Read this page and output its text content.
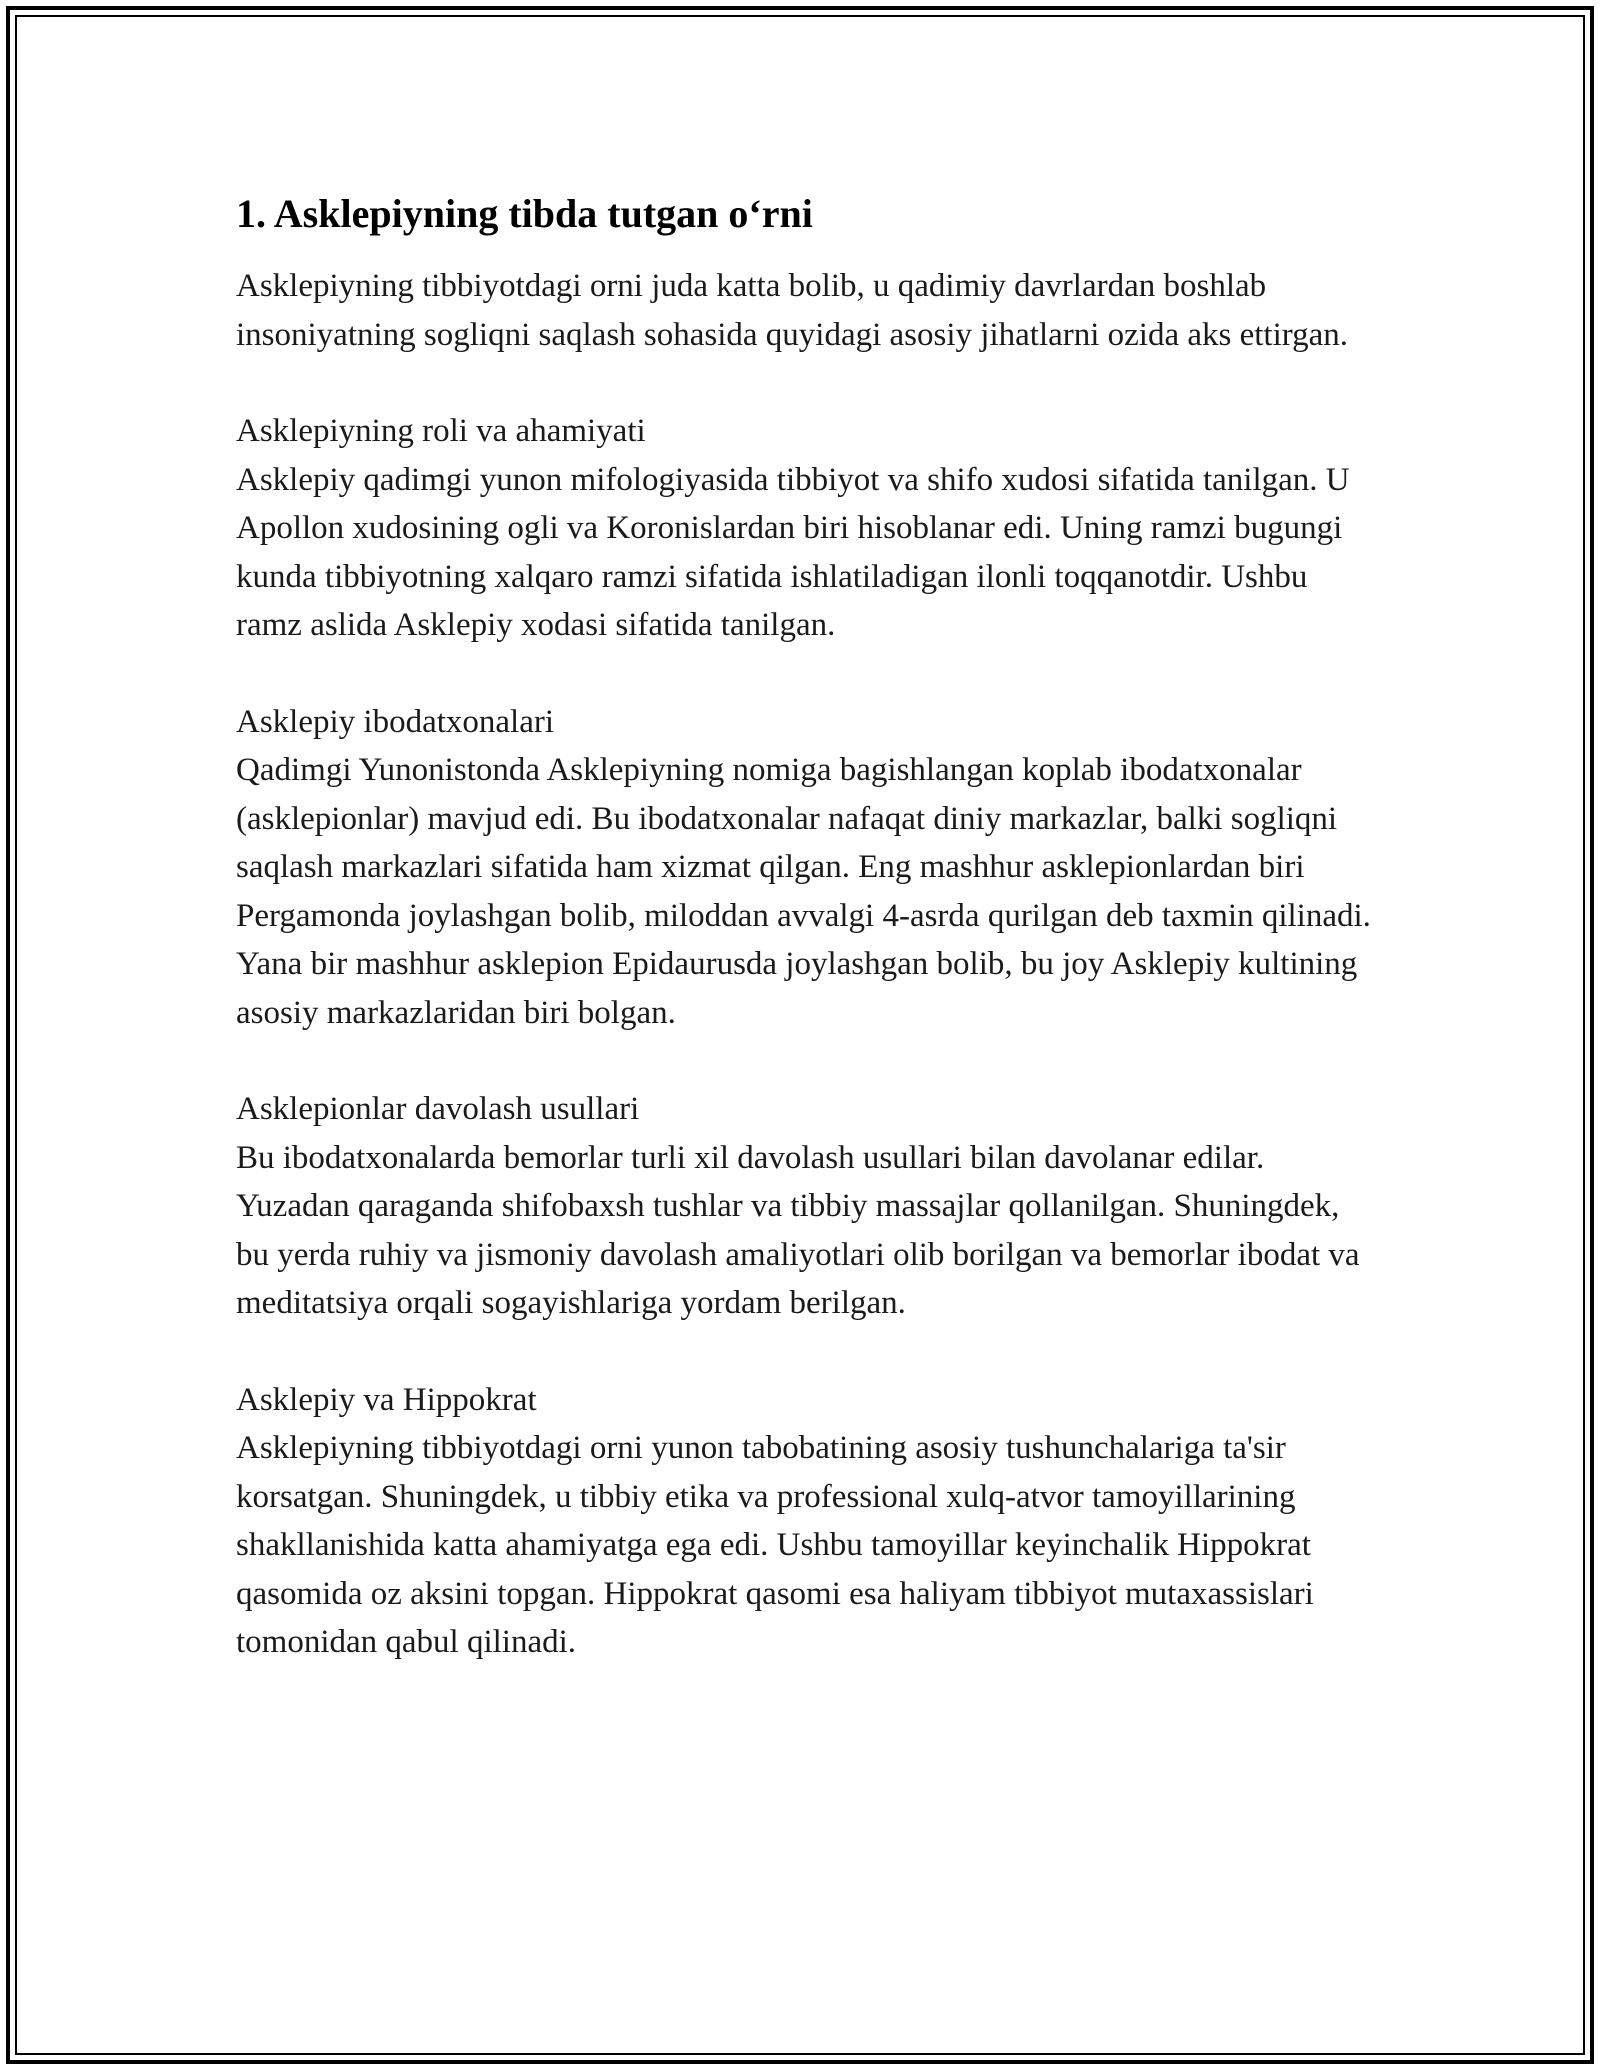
1. Asklepiyning tibda tutgan o‘rni

Asklepiyning tibbiyotdagi orni juda katta bolib, u qadimiy davrlardan boshlab insoniyatning sogliqni saqlash sohasida quyidagi asosiy jihatlarni ozida aks ettirgan.

Asklepiyning roli va ahamiyati

Asklepiy qadimgi yunon mifologiyasida tibbiyot va shifo xudosi sifatida tanilgan. U Apollon xudosining ogli va Koronislardan biri hisoblanar edi. Uning ramzi bugungi kunda tibbiyotning xalqaro ramzi sifatida ishlatiladigan ilonli toqqanotdir. Ushbu ramz aslida Asklepiy xodasi sifatida tanilgan.

Asklepiy ibodatxonalari

Qadimgi Yunonistonda Asklepiyning nomiga bagishlangan koplab ibodatxonalar (asklepionlar) mavjud edi. Bu ibodatxonalar nafaqat diniy markazlar, balki sogliqni saqlash markazlari sifatida ham xizmat qilgan. Eng mashhur asklepionlardan biri Pergamonda joylashgan bolib, miloddan avvalgi 4-asrda qurilgan deb taxmin qilinadi. Yana bir mashhur asklepion Epidaurusda joylashgan bolib, bu joy Asklepiy kultining asosiy markazlaridan biri bolgan.

Asklepionlar davolash usullari

Bu ibodatxonalarda bemorlar turli xil davolash usullari bilan davolanar edilar. Yuzadan qaraganda shifobaxsh tushlar va tibbiy massajlar qollanilgan. Shuningdek, bu yerda ruhiy va jismoniy davolash amaliyotlari olib borilgan va bemorlar ibodat va meditatsiya orqali sogayishlariga yordam berilgan.

Asklepiy va Hippokrat

Asklepiyning tibbiyotdagi orni yunon tabobatining asosiy tushunchalariga ta'sir korsatgan. Shuningdek, u tibbiy etika va professional xulq-atvor tamoyillarining shakllanishida katta ahamiyatga ega edi. Ushbu tamoyillar keyinchalik Hippokrat qasomida oz aksini topgan. Hippokrat qasomi esa haliyam tibbiyot mutaxassislari tomonidan qabul qilinadi.
